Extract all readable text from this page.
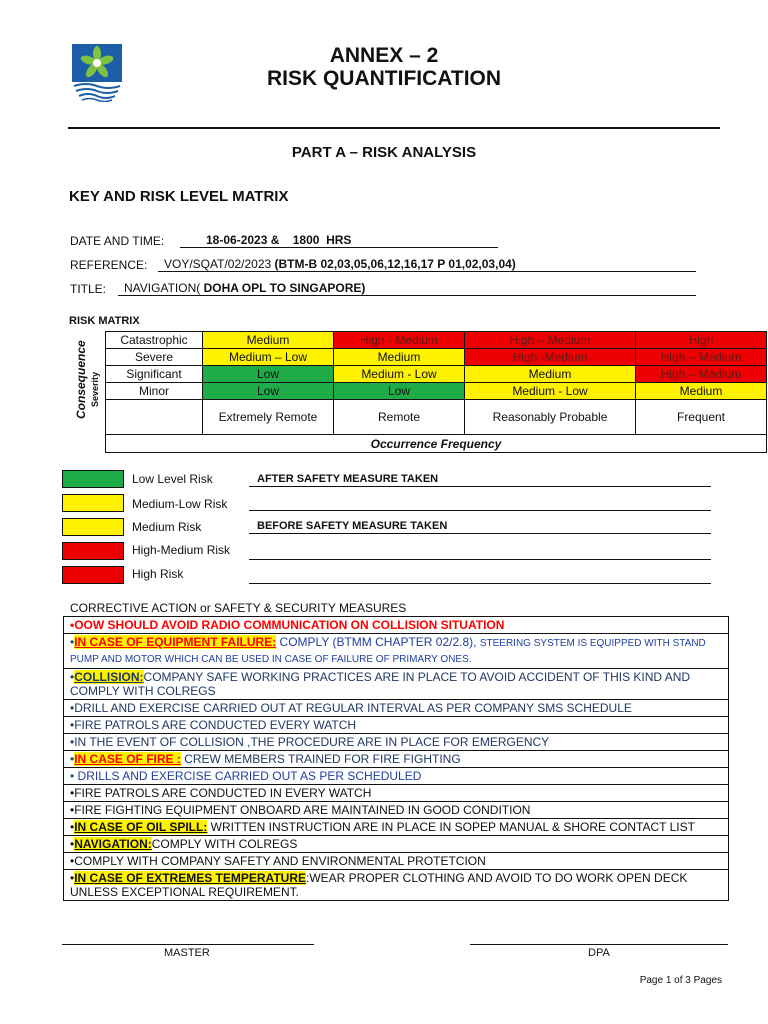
ANNEX – 2
RISK QUANTIFICATION
PART A – RISK ANALYSIS
KEY AND RISK LEVEL MATRIX
DATE AND TIME:	18-06-2023 &    1800  HRS
REFERENCE:	VOY/SQAT/02/2023 (BTM-B 02,03,05,06,12,16,17 P 01,02,03,04)
TITLE:	NAVIGATION( DOHA OPL TO SINGAPORE)
RISK MATRIX
Consequence Severity
Catastrophic	Medium	High - Medium	High – Medium	High
Severe	Medium – Low	Medium	High -Medium	High – Medium
Significant	Low	Medium - Low	Medium	High – Medium
Minor	Low	Low	Medium - Low	Medium
	Extremely Remote	Remote	Reasonably Probable	Frequent
Occurrence Frequency				
Low Level Risk	AFTER SAFETY MEASURE TAKEN
Medium-Low Risk
Medium Risk	BEFORE SAFETY MEASURE TAKEN
High-Medium Risk
High Risk
CORRECTIVE ACTION or SAFETY & SECURITY MEASURES
•OOW SHOULD AVOID RADIO COMMUNICATION ON COLLISION SITUATION
•IN CASE OF EQUIPMENT FAILURE: COMPLY (BTMM CHAPTER 02/2.8), STEERING SYSTEM IS EQUIPPED WITH STAND PUMP AND MOTOR WHICH CAN BE USED IN CASE OF FAILURE OF PRIMARY ONES.
•COLLISION:COMPANY SAFE WORKING PRACTICES ARE IN PLACE TO AVOID ACCIDENT OF THIS KIND AND COMPLY WITH COLREGS
•DRILL AND EXERCISE CARRIED OUT AT REGULAR INTERVAL AS PER COMPANY SMS SCHEDULE
•FIRE PATROLS ARE CONDUCTED EVERY WATCH
•IN THE EVENT OF COLLISION ,THE PROCEDURE ARE IN PLACE FOR EMERGENCY
•IN CASE OF FIRE : CREW MEMBERS TRAINED FOR FIRE FIGHTING
• DRILLS AND EXERCISE CARRIED OUT AS PER SCHEDULED
•FIRE PATROLS ARE CONDUCTED IN EVERY WATCH
•FIRE FIGHTING EQUIPMENT ONBOARD ARE MAINTAINED IN GOOD CONDITION
•IN CASE OF OIL SPILL: WRITTEN INSTRUCTION ARE IN PLACE IN SOPEP MANUAL & SHORE CONTACT LIST
•NAVIGATION:COMPLY WITH COLREGS
•COMPLY WITH COMPANY SAFETY AND ENVIRONMENTAL PROTETCION
•IN CASE OF EXTREMES TEMPERATURE:WEAR PROPER CLOTHING AND AVOID TO DO WORK OPEN DECK UNLESS EXCEPTIONAL REQUIREMENT.
MASTER	DPA
Page 1 of 3 Pages
